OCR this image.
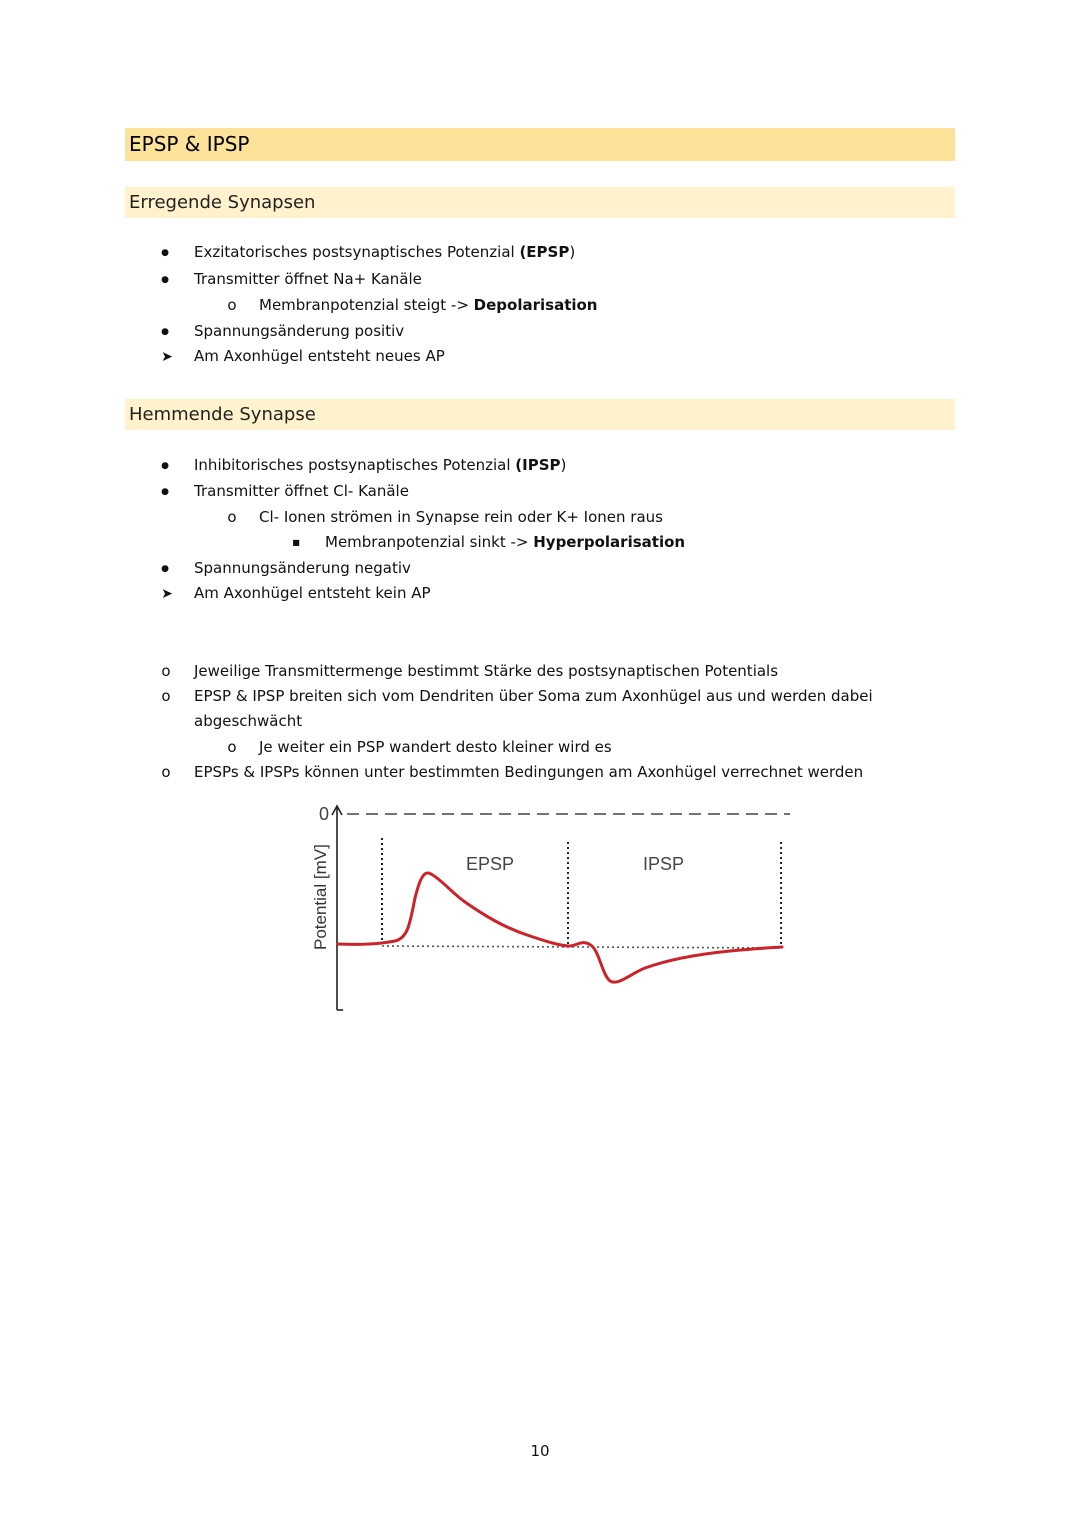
EPSP & IPSP
Erregende Synapsen
●
Exzitatorisches postsynaptisches Potenzial (EPSP)
●
Transmitter öffnet Na+ Kanäle
o
Membranpotenzial steigt -> Depolarisation
●
Spannungsänderung positiv
➤
Am Axonhügel entsteht neues AP
Hemmende Synapse
●
Inhibitorisches postsynaptisches Potenzial (IPSP)
●
Transmitter öffnet Cl- Kanäle
o
Cl- Ionen strömen in Synapse rein oder K+ Ionen raus
■
Membranpotenzial sinkt -> Hyperpolarisation
●
Spannungsänderung negativ
➤
Am Axonhügel entsteht kein AP
o
Jeweilige Transmittermenge bestimmt Stärke des postsynaptischen Potentials
o
EPSP & IPSP breiten sich vom Dendriten über Soma zum Axonhügel aus und werden dabei
abgeschwächt
o
Je weiter ein PSP wandert desto kleiner wird es
o
EPSPs & IPSPs können unter bestimmten Bedingungen am Axonhügel verrechnet werden
0
Potential [mV]	EPSP	IPSP
10
